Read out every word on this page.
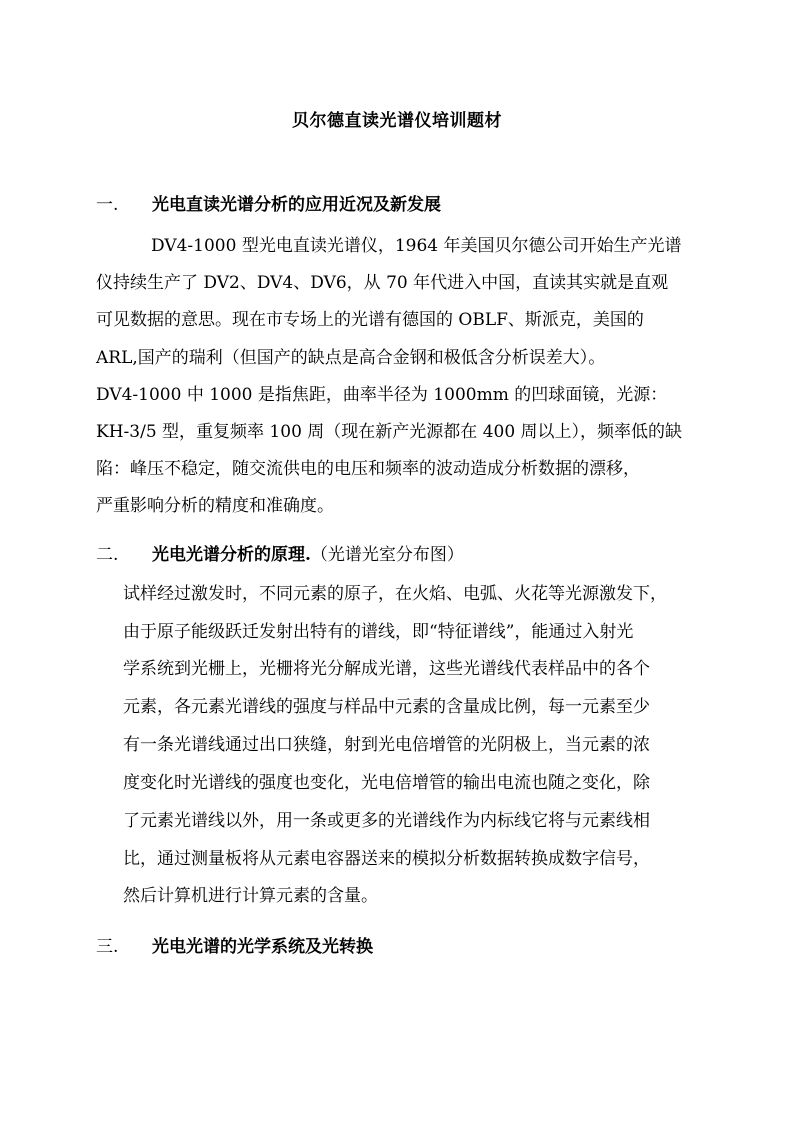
贝尔德直读光谱仪培训题材
一. 光电直读光谱分析的应用近况及新发展
DV4-1000 型光电直读光谱仪，1964 年美国贝尔德公司开始生产光谱
仪持续生产了 DV2、DV4、DV6，从 70 年代进入中国，直读其实就是直观
可见数据的意思。现在市专场上的光谱有德国的 OBLF、斯派克，美国的
ARL,国产的瑞利（但国产的缺点是高合金钢和极低含分析误差大）。
DV4-1000 中 1000 是指焦距，曲率半径为 1000mm 的凹球面镜，光源：
KH-3/5 型，重复频率 100 周（现在新产光源都在 400 周以上），频率低的缺
陷：峰压不稳定，随交流供电的电压和频率的波动造成分析数据的漂移，
严重影响分析的精度和准确度。
二. 光电光谱分析的原理.（光谱光室分布图）
试样经过激发时，不同元素的原子，在火焰、电弧、火花等光源激发下，
由于原子能级跃迁发射出特有的谱线，即“特征谱线”，能通过入射光
学系统到光栅上，光栅将光分解成光谱，这些光谱线代表样品中的各个
元素，各元素光谱线的强度与样品中元素的含量成比例，每一元素至少
有一条光谱线通过出口狭缝，射到光电倍增管的光阴极上，当元素的浓
度变化时光谱线的强度也变化，光电倍增管的输出电流也随之变化，除
了元素光谱线以外，用一条或更多的光谱线作为内标线它将与元素线相
比，通过测量板将从元素电容器送来的模拟分析数据转换成数字信号，
然后计算机进行计算元素的含量。
三. 光电光谱的光学系统及光转换
